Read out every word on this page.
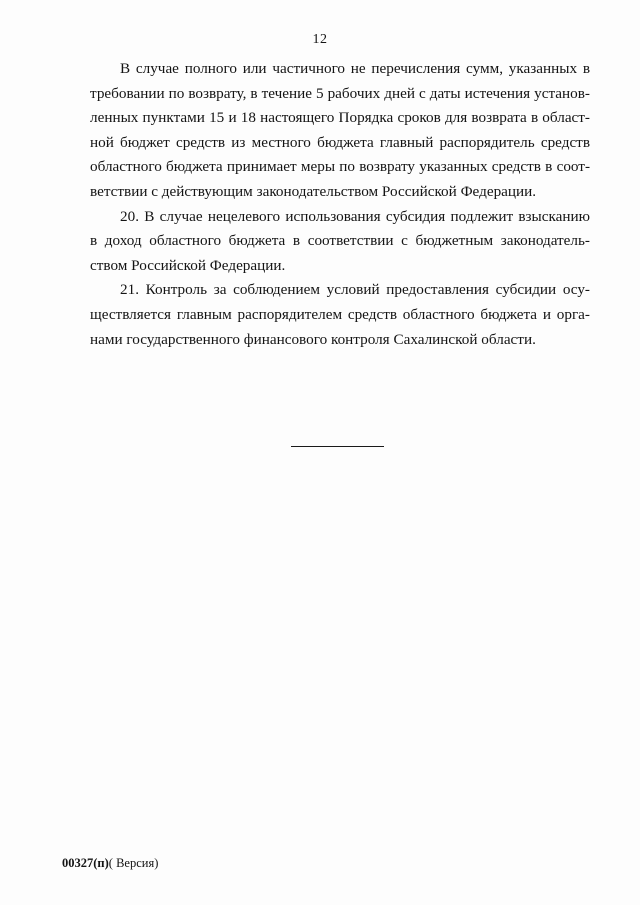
12

В случае полного или частичного не перечисления сумм, указанных в
требовании по возврату, в течение 5 рабочих дней с даты истечения установ-
ленных пунктами 15 и 18 настоящего Порядка сроков для возврата в област-
ной бюджет средств из местного бюджета главный распорядитель средств
областного бюджета принимает меры по возврату указанных средств в соот-
ветствии с действующим законодательством Российской Федерации.

20. В случае нецелевого использования субсидия подлежит взысканию
в доход областного бюджета в соответствии с бюджетным законодатель-
ством Российской Федерации.

21. Контроль за соблюдением условий предоставления субсидии осу-
ществляется главным распорядителем средств областного бюджета и орга-
нами государственного финансового контроля Сахалинской области.

00327(п)( Версия)
